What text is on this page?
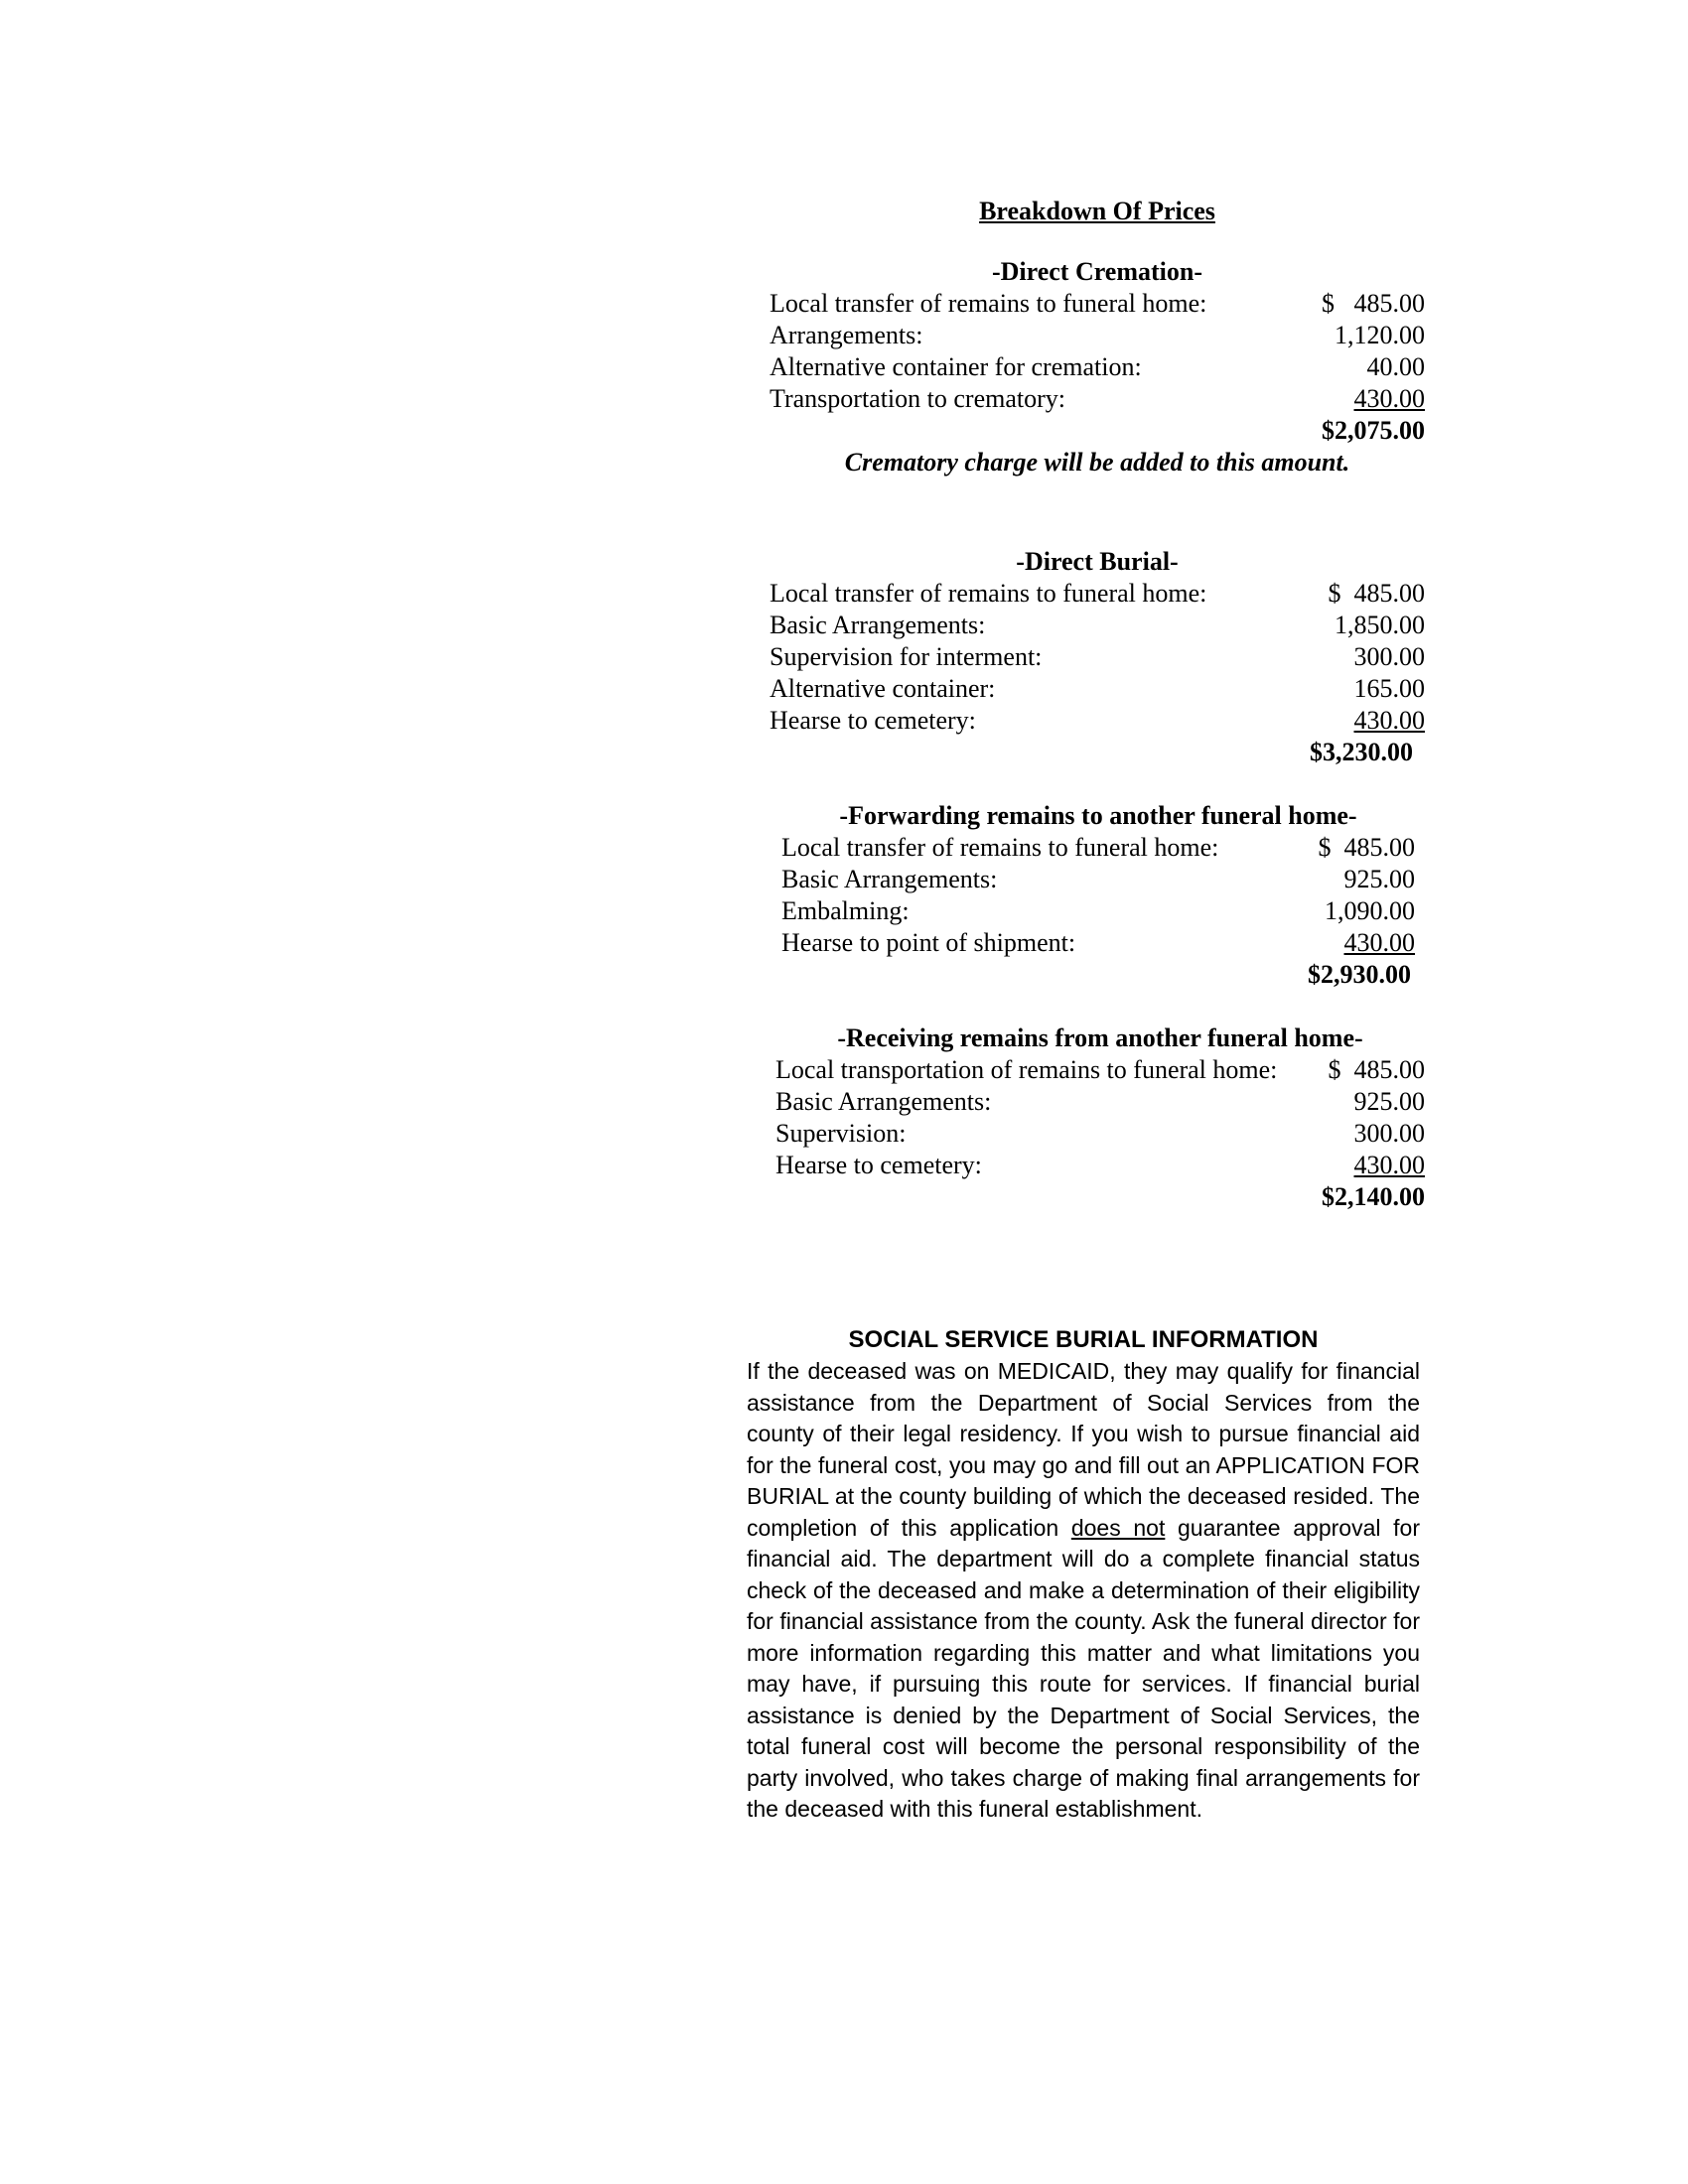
Breakdown Of Prices
-Direct Cremation-
Local transfer of remains to funeral home:	$   485.00
Arrangements:	1,120.00
Alternative container for cremation:	40.00
Transportation to crematory:	430.00
$2,075.00
Crematory charge will be added to this amount.
-Direct Burial-
Local transfer of remains to funeral home:	$  485.00
Basic Arrangements:	1,850.00
Supervision for interment:	300.00
Alternative container:	165.00
Hearse to cemetery:	430.00
$3,230.00
-Forwarding remains to another funeral home-
Local transfer of remains to funeral home:	$  485.00
Basic Arrangements:	925.00
Embalming:	1,090.00
Hearse to point of shipment:	430.00
$2,930.00
-Receiving remains from another funeral home-
Local transportation of remains to funeral home: $  485.00
Basic Arrangements:	925.00
Supervision:	300.00
Hearse to cemetery:	430.00
$2,140.00
SOCIAL SERVICE BURIAL INFORMATION

If the deceased was on MEDICAID, they may qualify for financial assistance from the Department of Social Services from the county of their legal residency. If you wish to pursue financial aid for the funeral cost, you may go and fill out an APPLICATION FOR BURIAL at the county building of which the deceased resided. The completion of this application does not guarantee approval for financial aid. The department will do a complete financial status check of the deceased and make a determination of their eligibility for financial assistance from the county. Ask the funeral director for more information regarding this matter and what limitations you may have, if pursuing this route for services. If financial burial assistance is denied by the Department of Social Services, the total funeral cost will become the personal responsibility of the party involved, who takes charge of making final arrangements for the deceased with this funeral establishment.
